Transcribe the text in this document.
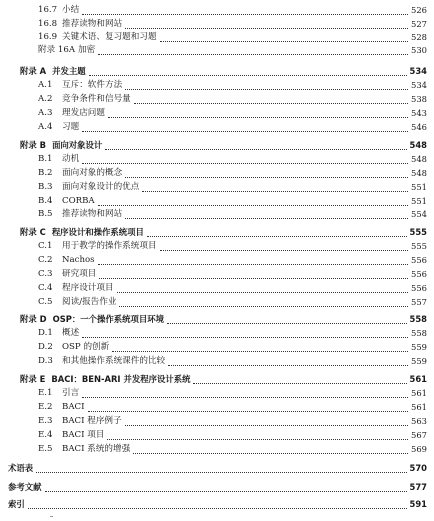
16.7 小结	526
16.8 推荐读物和网站	527
16.9 关键术语、复习题和习题	528
附录 16A 加密	530
附录 A 并发主题	534
A.1	互斥：软件方法	534
A.2	竞争条件和信号量	538
A.3	理发店问题	543
A.4	习题	546
附录 B 面向对象设计	548
B.1	动机	548
B.2	面向对象的概念	548
B.3	面向对象设计的优点	551
B.4	CORBA	551
B.5	推荐读物和网站	554
附录 C 程序设计和操作系统项目	555
C.1	用于教学的操作系统项目	555
C.2	Nachos	556
C.3	研究项目	556
C.4	程序设计项目	556
C.5	阅读/报告作业	557
附录 D OSP：一个操作系统项目环境	558
D.1	概述	558
D.2	OSP 的创新	559
D.3	和其他操作系统课件的比较	559
附录 E BACI：BEN-ARI 并发程序设计系统	561
E.1	引言	561
E.2	BACI	561
E.3	BACI 程序例子	563
E.4	BACI 项目	567
E.5	BACI 系统的增强	569
术语表	570
参考文献	577
索引	591
